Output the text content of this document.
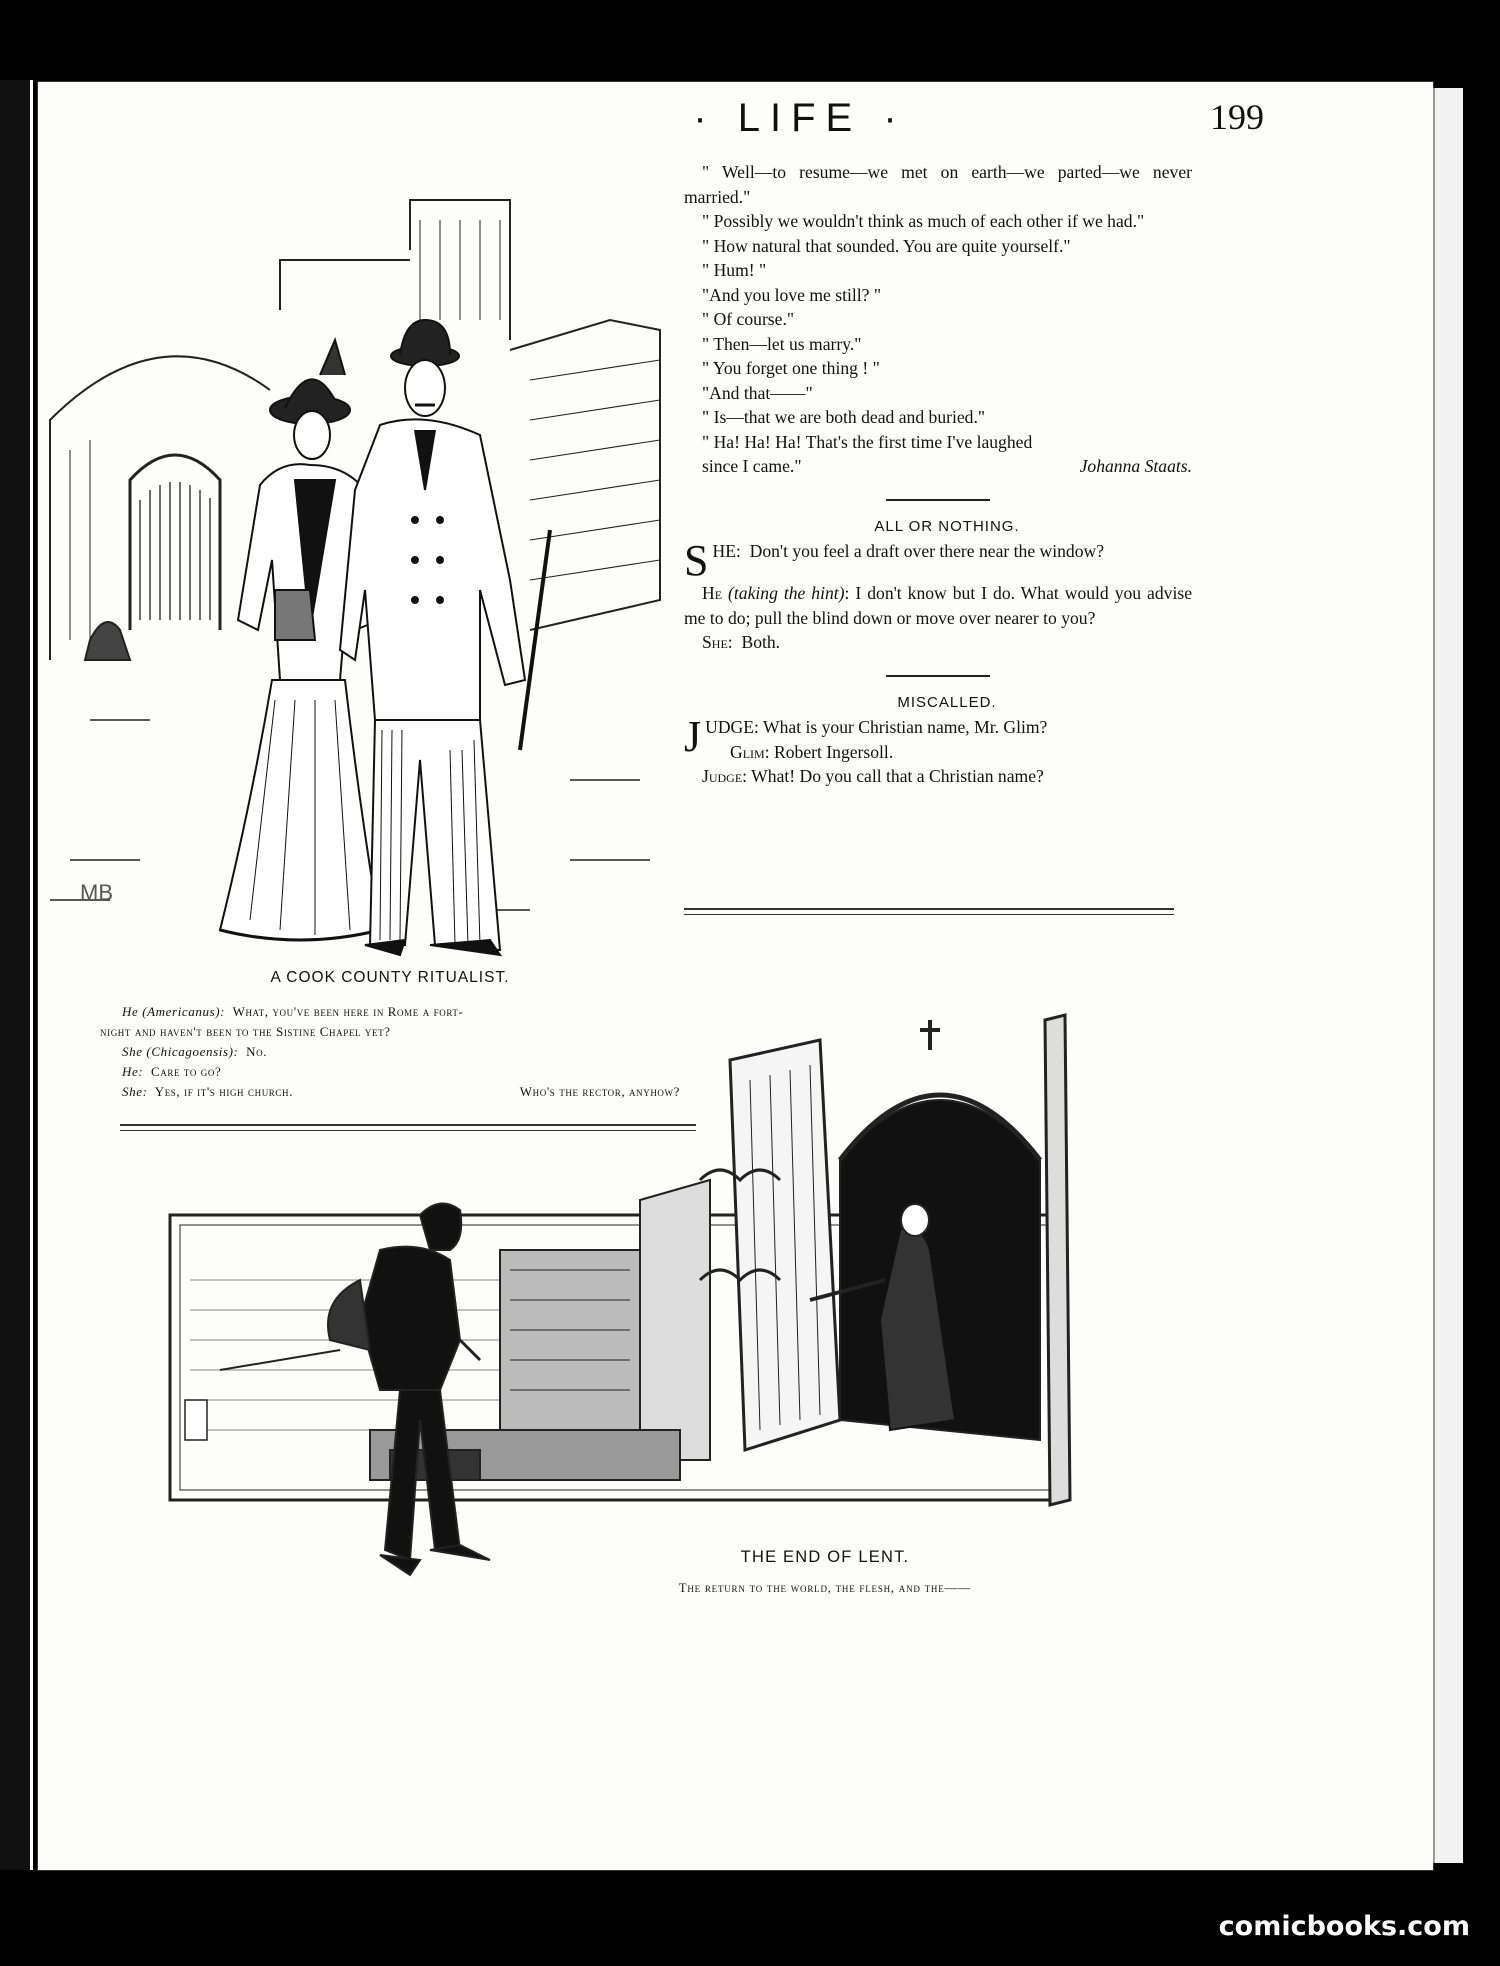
· LIFE ·	199
MB

" Well—to resume—we met on earth—we parted—we never married."

" Possibly we wouldn't think as much of each other if we had."

" How natural that sounded. You are quite yourself."

" Hum! "

"And you love me still? "

" Of course."

" Then—let us marry."

" You forget one thing ! "

"And that——"

" Is—that we are both dead and buried."

" Ha! Ha! Ha! That's the first time I've laughed

since I came."	Johanna Staats.

ALL OR NOTHING.

SHE: Don't you feel a draft over there near the window?

He (taking the hint): I don't know but I do. What would you advise me to do; pull the blind down or move over nearer to you?

She: Both.

MISCALLED.

JUDGE: What is your Christian name, Mr. Glim?

Glim: Robert Ingersoll.

Judge: What! Do you call that a Christian name?

A COOK COUNTY RITUALIST.

He (Americanus): What, you've been here in Rome a fort-

night and haven't been to the Sistine Chapel yet?

She (Chicagoensis): No.

He: Care to go?

She: Yes, if it's high church.	Who's the rector, anyhow?

THE END OF LENT.
The return to the world, the flesh, and the——
comicbooks.com
